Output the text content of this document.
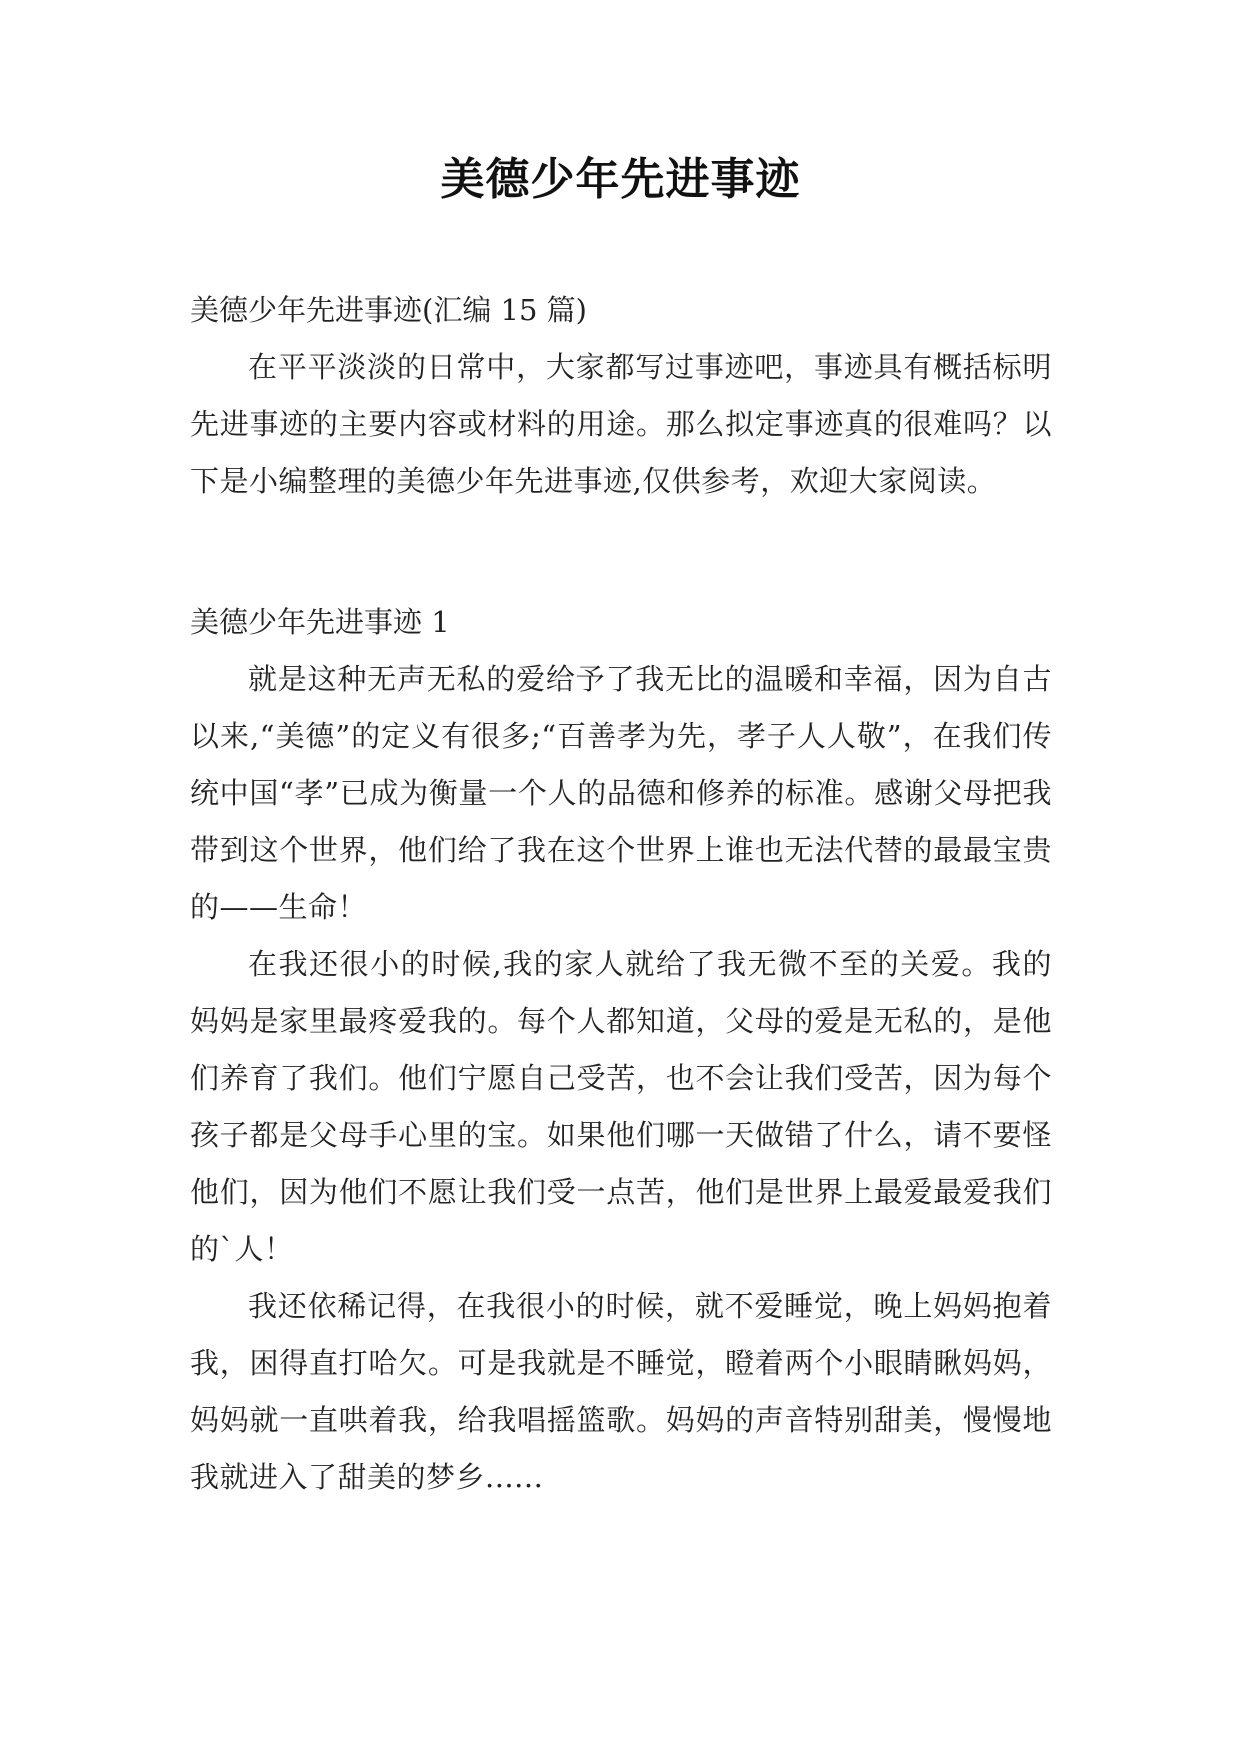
美德少年先进事迹

美德少年先进事迹(汇编 15 篇)

在平平淡淡的日常中，大家都写过事迹吧，事迹具有概括标明先进事迹的主要内容或材料的用途。那么拟定事迹真的很难吗？以下是小编整理的美德少年先进事迹,仅供参考，欢迎大家阅读。

美德少年先进事迹 1

就是这种无声无私的爱给予了我无比的温暖和幸福，因为自古以来,“美德”的定义有很多;“百善孝为先，孝子人人敬”，在我们传统中国“孝”已成为衡量一个人的品德和修养的标准。感谢父母把我带到这个世界，他们给了我在这个世界上谁也无法代替的最最宝贵的——生命！

在我还很小的时候,我的家人就给了我无微不至的关爱。我的妈妈是家里最疼爱我的。每个人都知道，父母的爱是无私的，是他们养育了我们。他们宁愿自己受苦，也不会让我们受苦，因为每个孩子都是父母手心里的宝。如果他们哪一天做错了什么，请不要怪他们，因为他们不愿让我们受一点苦，他们是世界上最爱最爱我们的`人！

我还依稀记得，在我很小的时候，就不爱睡觉，晚上妈妈抱着我，困得直打哈欠。可是我就是不睡觉，瞪着两个小眼睛瞅妈妈，妈妈就一直哄着我，给我唱摇篮歌。妈妈的声音特别甜美，慢慢地我就进入了甜美的梦乡......
